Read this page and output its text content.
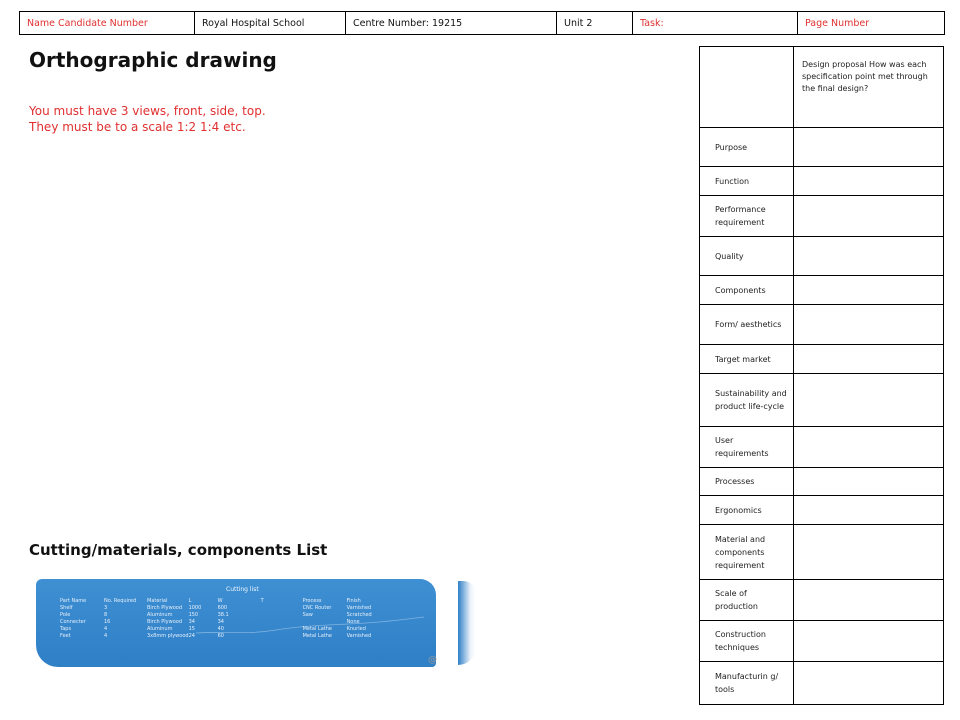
Name Candidate Number	Royal Hospital School	Centre Number: 19215	Unit 2	Task:	Page Number
Orthographic drawing
You must have 3 views, front, side, top.
They must be to a scale 1:2 1:4 etc.
Cutting/materials, components List
Cutting list
Part Name	No. Required	Material	L	W	T	Process	Finish
Shelf	3	Birch Plywood	1000	600		CNC Router	Varnished
Pole	8	Aluminum	150	38.1		Saw	Scratched
Connecter	16	Birch Plywood	34	34			None
Taps	4	Aluminum	15	40		Metal Lathe	Knurled
Feet	4	3x8mm plywood	24	60		Metal Lathe	Varnished
@
	Design proposal How was each specification point met through the final design?
Purpose	
Function	
Performance requirement	
Quality	
Components	
Form/ aesthetics	
Target market	
Sustainability and product life-cycle	
User requirements	
Processes	
Ergonomics	
Material and components requirement	
Scale of production	
Construction techniques	
Manufacturin g/ tools	
